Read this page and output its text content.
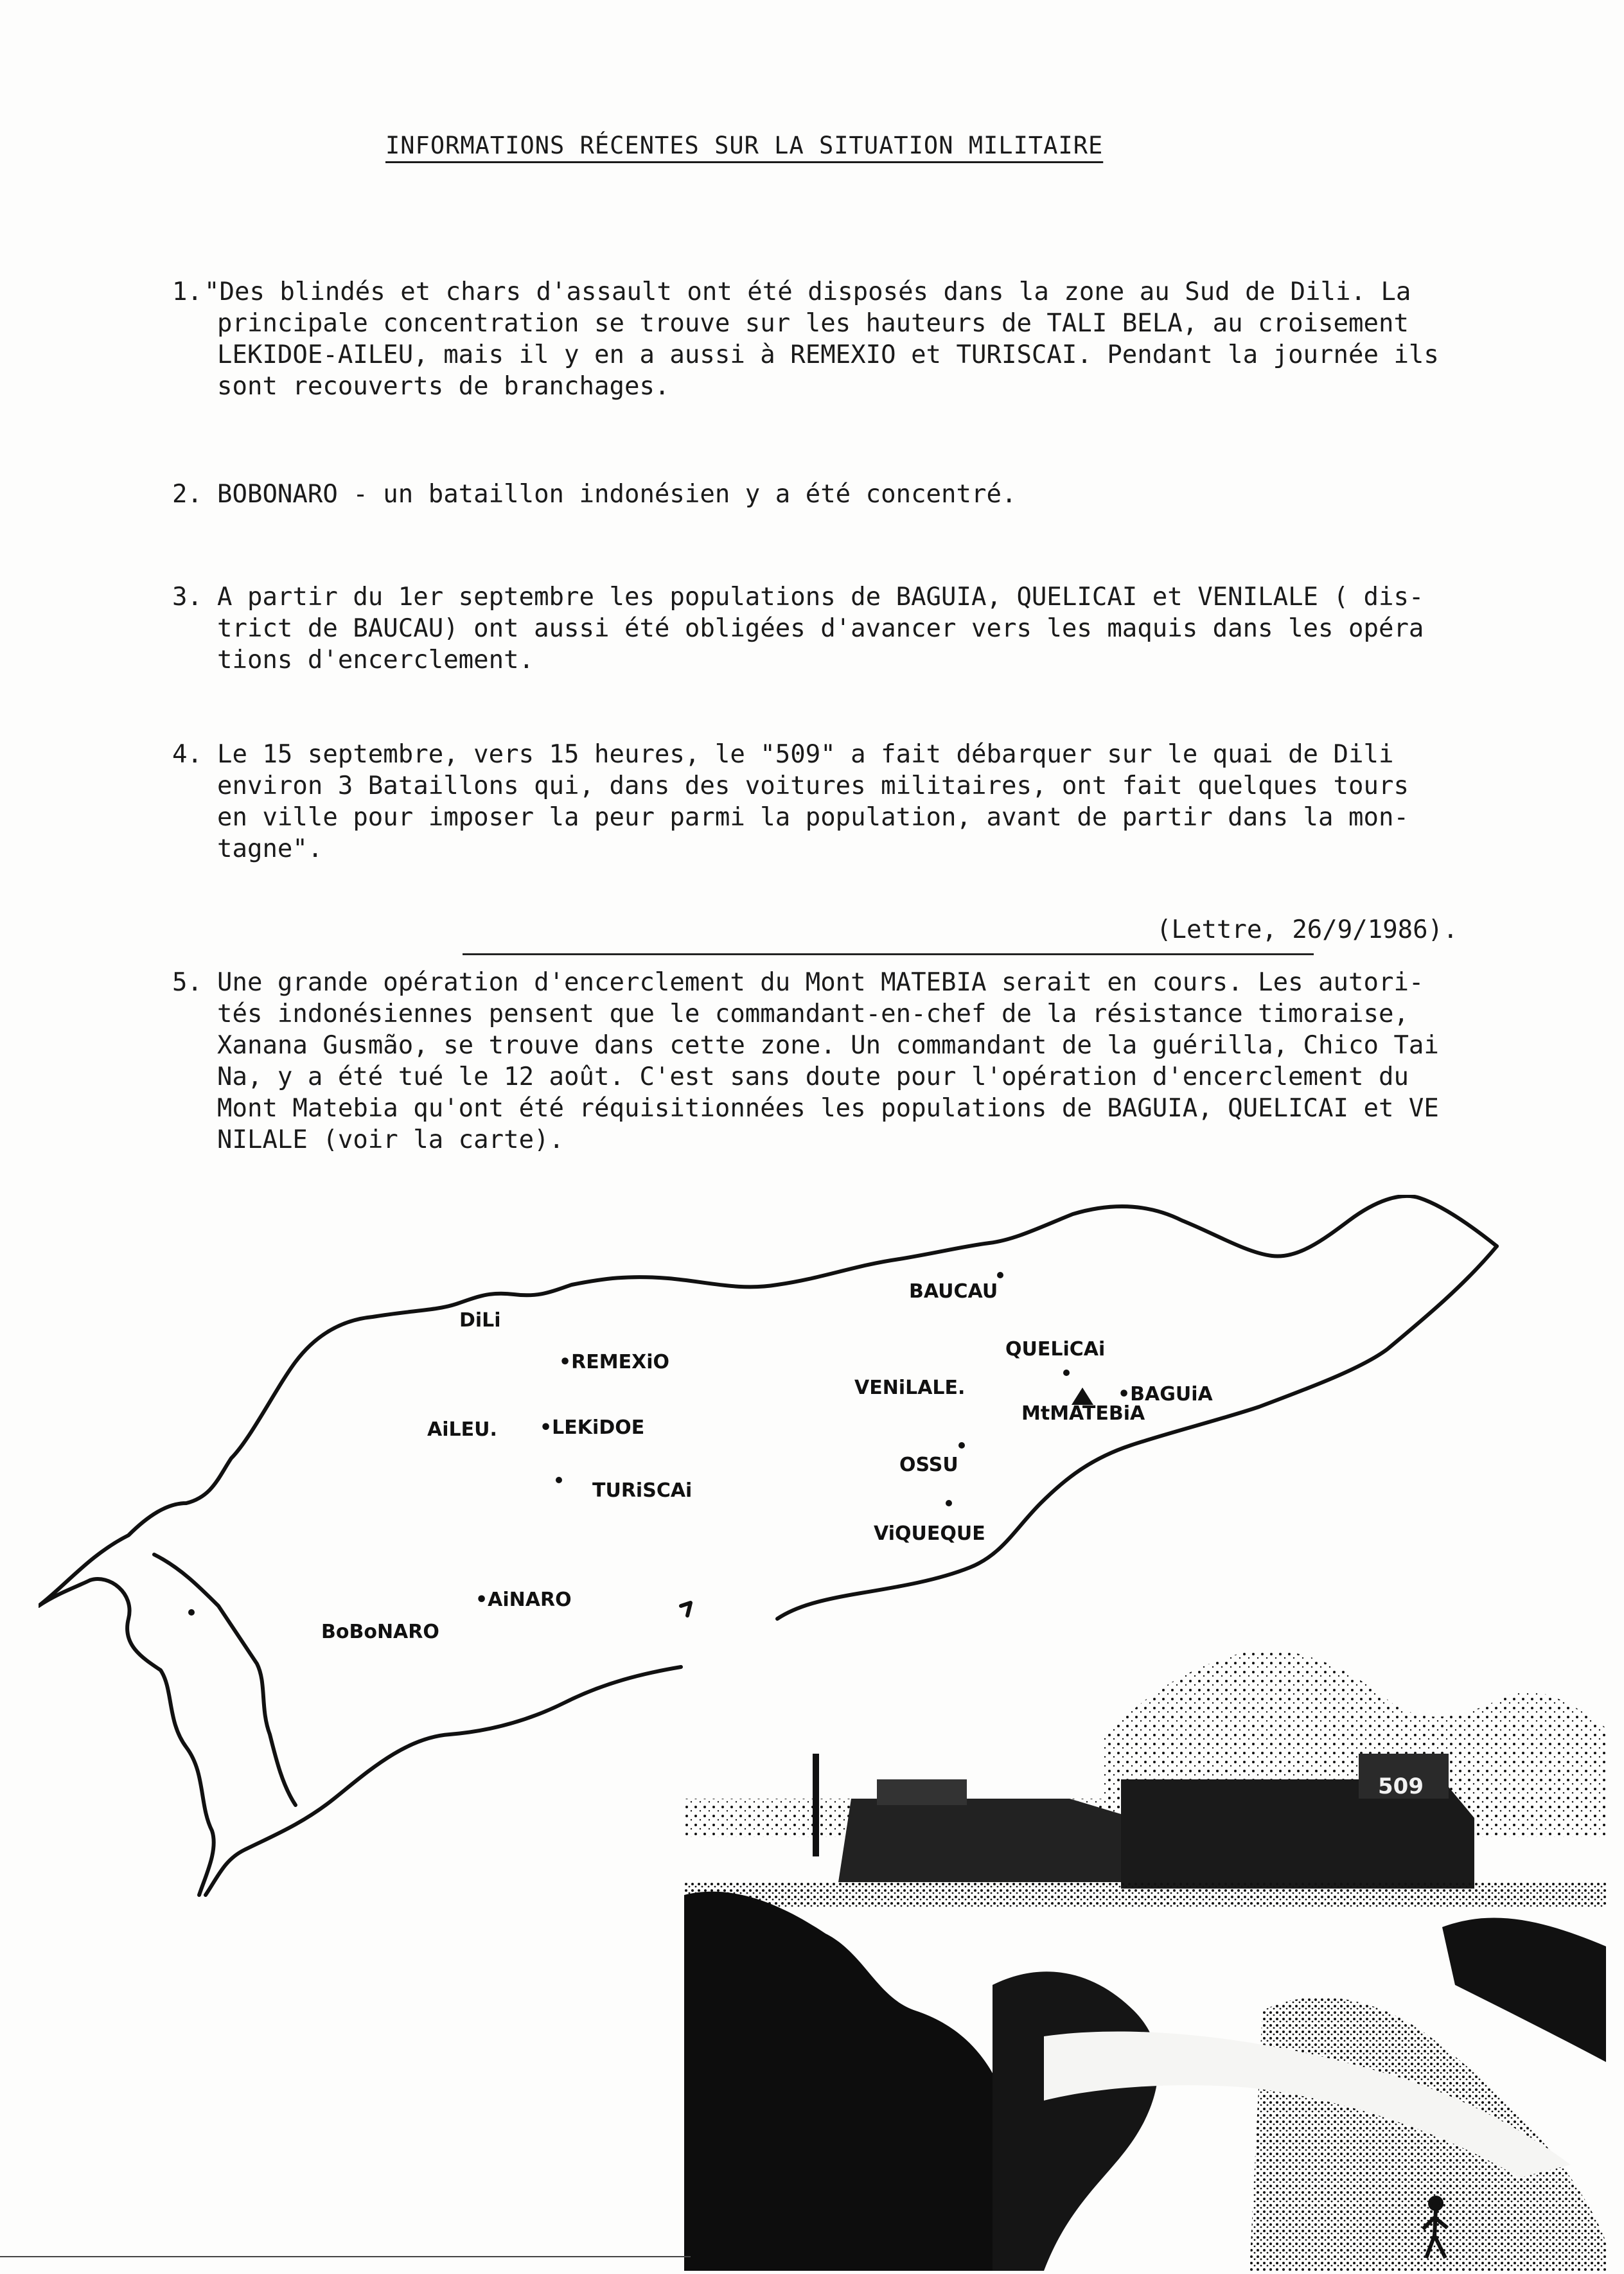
INFORMATIONS RÉCENTES SUR LA SITUATION MILITAIRE
1. "Des blindés et chars d'assault ont été disposés dans la zone au Sud de Dili. La
principale concentration se trouve sur les hauteurs de TALI BELA, au croisement
LEKIDOE-AILEU, mais il y en a aussi à REMEXIO et TURISCAI. Pendant la journée ils
sont recouverts de branchages.
2. BOBONARO - un bataillon indonésien y a été concentré.
3. A partir du 1er septembre les populations de BAGUIA, QUELICAI et VENILALE ( dis-
trict de BAUCAU) ont aussi été obligées d'avancer vers les maquis dans les opéra
tions d'encerclement.
4. Le 15 septembre, vers 15 heures, le "509" a fait débarquer sur le quai de Dili
environ 3 Bataillons qui, dans des voitures militaires, ont fait quelques tours
en ville pour imposer la peur parmi la population, avant de partir dans la mon-
tagne".
(Lettre, 26/9/1986).
5. Une grande opération d'encerclement du Mont MATEBIA serait en cours. Les autori-
tés indonésiennes pensent que le commandant-en-chef de la résistance timoraise,
Xanana Gusmão, se trouve dans cette zone. Un commandant de la guérilla, Chico Tai
Na, y a été tué le 12 août. C'est sans doute pour l'opération d'encerclement du
Mont Matebia qu'ont été réquisitionnées les populations de BAGUIA, QUELICAI et VE
NILALE (voir la carte).
DiLi
•REMEXiO
AiLEU. •LEKiDOE
TURiSCAi
•AiNARO
BoBoNARO
BAUCAU
QUELiCAi
VENiLALE.	•BAGUiA
MtMATEBiA
OSSU
ViQUEQUE
509
